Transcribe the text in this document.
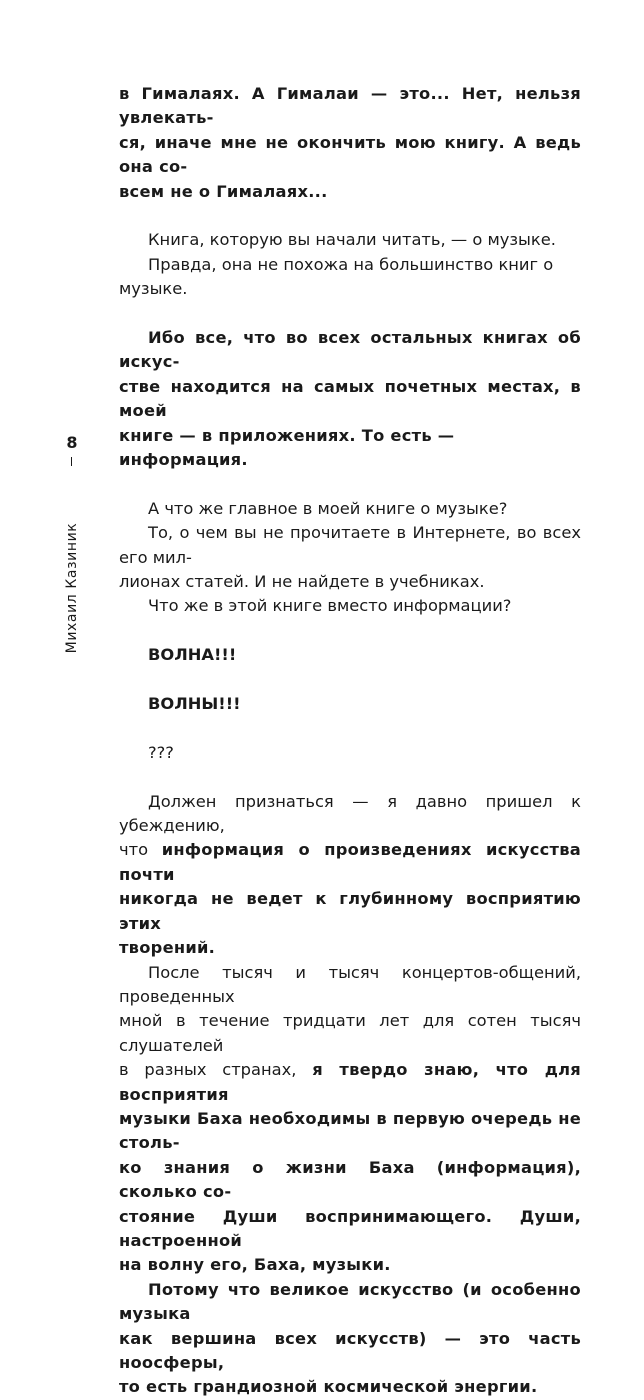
8
Михаил Казиник

в Гималаях. А Гималаи — это... Нет, нельзя увлекать-

ся, иначе мне не окончить мою книгу. А ведь она со-

всем не о Гималаях...

Книга, которую вы начали читать, — о музыке.

Правда, она не похожа на большинство книг о музыке.

Ибо все, что во всех остальных книгах об искус-

стве находится на самых почетных местах, в моей

книге — в приложениях. То есть — информация.

А что же главное в моей книге о музыке?

То, о чем вы не прочитаете в Интернете, во всех его мил-

лионах статей. И не найдете в учебниках.

Что же в этой книге вместо информации?

ВОЛНА!!!

ВОЛНЫ!!!

???

Должен признаться — я давно пришел к убеждению,

что информация о произведениях искусства почти

никогда не ведет к глубинному восприятию этих

творений.

После тысяч и тысяч концертов-общений, проведенных

мной в течение тридцати лет для сотен тысяч слушателей

в разных странах, я твердо знаю, что для восприятия

музыки Баха необходимы в первую очередь не столь-

ко знания о жизни Баха (информация), сколько со-

стояние Души воспринимающего. Души, настроенной

на волну его, Баха, музыки.

Потому что великое искусство (и особенно музыка

как вершина всех искусств) — это часть ноосферы,

то есть грандиозной космической энергии.
